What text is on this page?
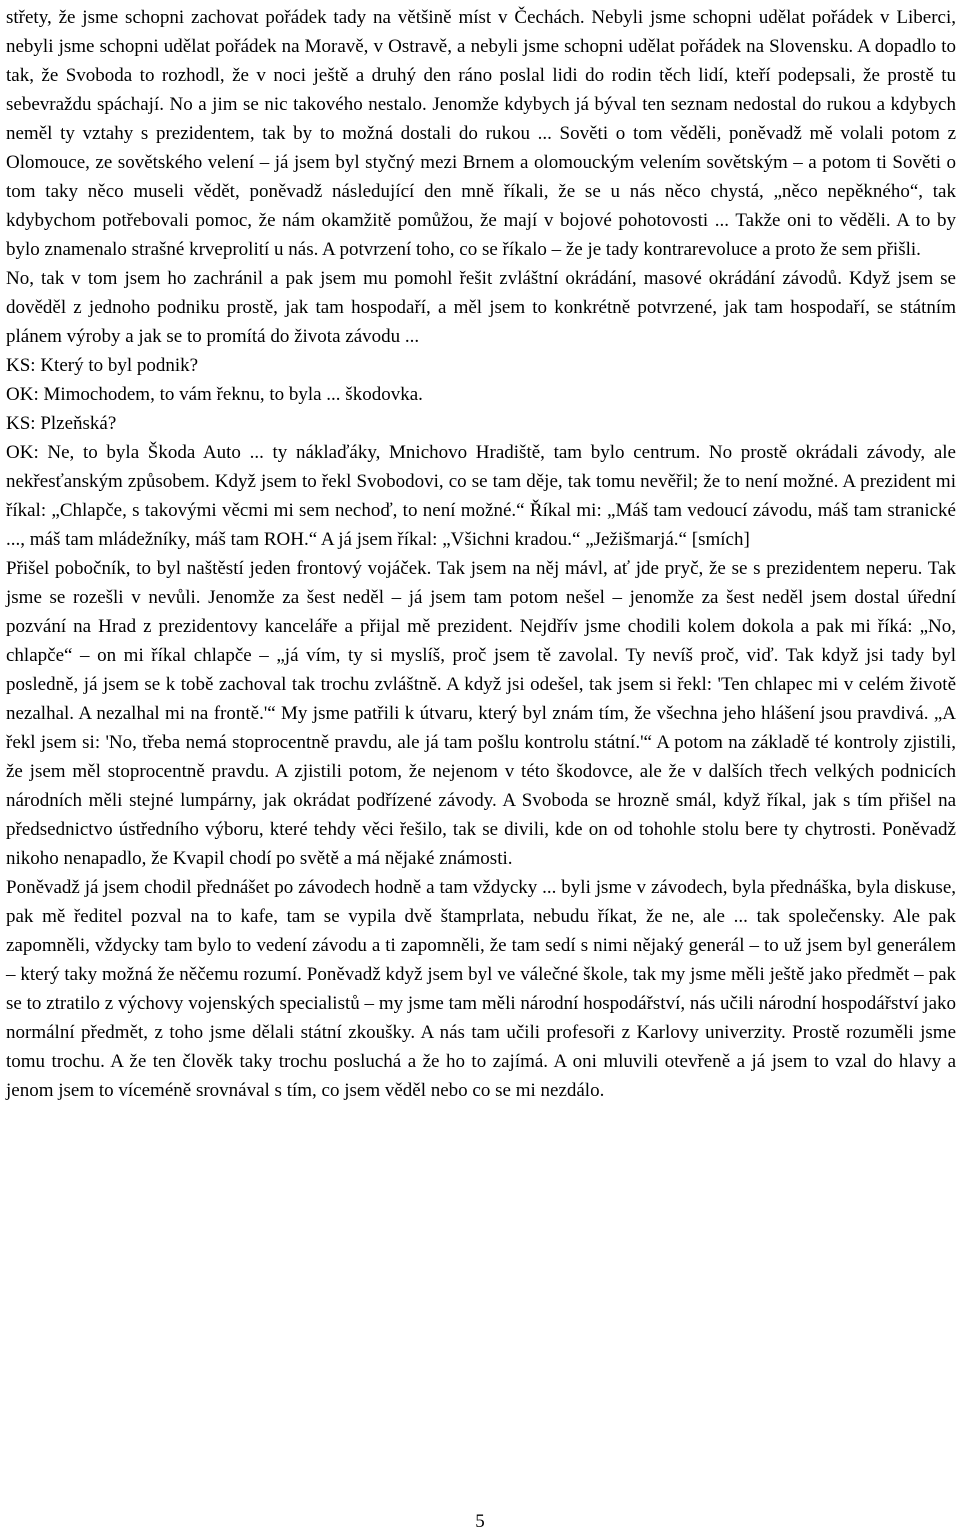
střety, že jsme schopni zachovat pořádek tady na většině míst v Čechách. Nebyli jsme schopni udělat pořádek v Liberci, nebyli jsme schopni udělat pořádek na Moravě, v Ostravě, a nebyli jsme schopni udělat pořádek na Slovensku. A dopadlo to tak, že Svoboda to rozhodl, že v noci ještě a druhý den ráno poslal lidi do rodin těch lidí, kteří podepsali, že prostě tu sebevraždu spáchají. No a jim se nic takového nestalo. Jenomže kdybych já býval ten seznam nedostal do rukou a kdybych neměl ty vztahy s prezidentem, tak by to možná dostali do rukou ... Sověti o tom věděli, poněvadž mě volali potom z Olomouce, ze sovětského velení – já jsem byl styčný mezi Brnem a olomouckým velením sovětským – a potom ti Sověti o tom taky něco museli vědět, poněvadž následující den mně říkali, že se u nás něco chystá, „něco nepěkného“, tak kdybychom potřebovali pomoc, že nám okamžitě pomůžou, že mají v bojové pohotovosti ... Takže oni to věděli. A to by bylo znamenalo strašné krveprolití u nás. A potvrzení toho, co se říkalo – že je tady kontrarevoluce a proto že sem přišli.

No, tak v tom jsem ho zachránil a pak jsem mu pomohl řešit zvláštní okrádání, masové okrádání závodů. Když jsem se dověděl z jednoho podniku prostě, jak tam hospodaří, a měl jsem to konkrétně potvrzené, jak tam hospodaří, se státním plánem výroby a jak se to promítá do života závodu ...

KS: Který to byl podnik?

OK: Mimochodem, to vám řeknu, to byla ... škodovka.

KS: Plzeňská?

OK: Ne, to byla Škoda Auto ... ty náklaďáky, Mnichovo Hradiště, tam bylo centrum. No prostě okrádali závody, ale nekřesťanským způsobem. Když jsem to řekl Svobodovi, co se tam děje, tak tomu nevěřil; že to není možné. A prezident mi říkal: „Chlapče, s takovými věcmi mi sem nechoď, to není možné.“ Říkal mi: „Máš tam vedoucí závodu, máš tam stranické ..., máš tam mládežníky, máš tam ROH.“ A já jsem říkal: „Všichni kradou.“ „Ježišmarjá.“ [smích]

Přišel pobočník, to byl naštěstí jeden frontový vojáček. Tak jsem na něj mávl, ať jde pryč, že se s prezidentem neperu. Tak jsme se rozešli v nevůli. Jenomže za šest neděl – já jsem tam potom nešel – jenomže za šest neděl jsem dostal úřední pozvání na Hrad z prezidentovy kanceláře a přijal mě prezident. Nejdřív jsme chodili kolem dokola a pak mi říká: „No, chlapče“ – on mi říkal chlapče – „já vím, ty si myslíš, proč jsem tě zavolal. Ty nevíš proč, viď. Tak když jsi tady byl posledně, já jsem se k tobě zachoval tak trochu zvláštně. A když jsi odešel, tak jsem si řekl: 'Ten chlapec mi v celém životě nezalhal. A nezalhal mi na frontě.'“ My jsme patřili k útvaru, který byl znám tím, že všechna jeho hlášení jsou pravdivá. „A řekl jsem si: 'No, třeba nemá stoprocentně pravdu, ale já tam pošlu kontrolu státní.'“ A potom na základě té kontroly zjistili, že jsem měl stoprocentně pravdu. A zjistili potom, že nejenom v této škodovce, ale že v dalších třech velkých podnicích národních měli stejné lumpárny, jak okrádat podřízené závody. A Svoboda se hrozně smál, když říkal, jak s tím přišel na předsednictvo ústředního výboru, které tehdy věci řešilo, tak se divili, kde on od tohohle stolu bere ty chytrosti. Poněvadž nikoho nenapadlo, že Kvapil chodí po světě a má nějaké známosti.

Poněvadž já jsem chodil přednášet po závodech hodně a tam vždycky ... byli jsme v závodech, byla přednáška, byla diskuse, pak mě ředitel pozval na to kafe, tam se vypila dvě štamprlata, nebudu říkat, že ne, ale ... tak společensky. Ale pak zapomněli, vždycky tam bylo to vedení závodu a ti zapomněli, že tam sedí s nimi nějaký generál – to už jsem byl generálem – který taky možná že něčemu rozumí. Poněvadž když jsem byl ve válečné škole, tak my jsme měli ještě jako předmět – pak se to ztratilo z výchovy vojenských specialistů – my jsme tam měli národní hospodářství, nás učili národní hospodářství jako normální předmět, z toho jsme dělali státní zkoušky. A nás tam učili profesoři z Karlovy univerzity. Prostě rozuměli jsme tomu trochu. A že ten člověk taky trochu posluchá a že ho to zajímá. A oni mluvili otevřeně a já jsem to vzal do hlavy a jenom jsem to víceméně srovnával s tím, co jsem věděl nebo co se mi nezdálo.

5
